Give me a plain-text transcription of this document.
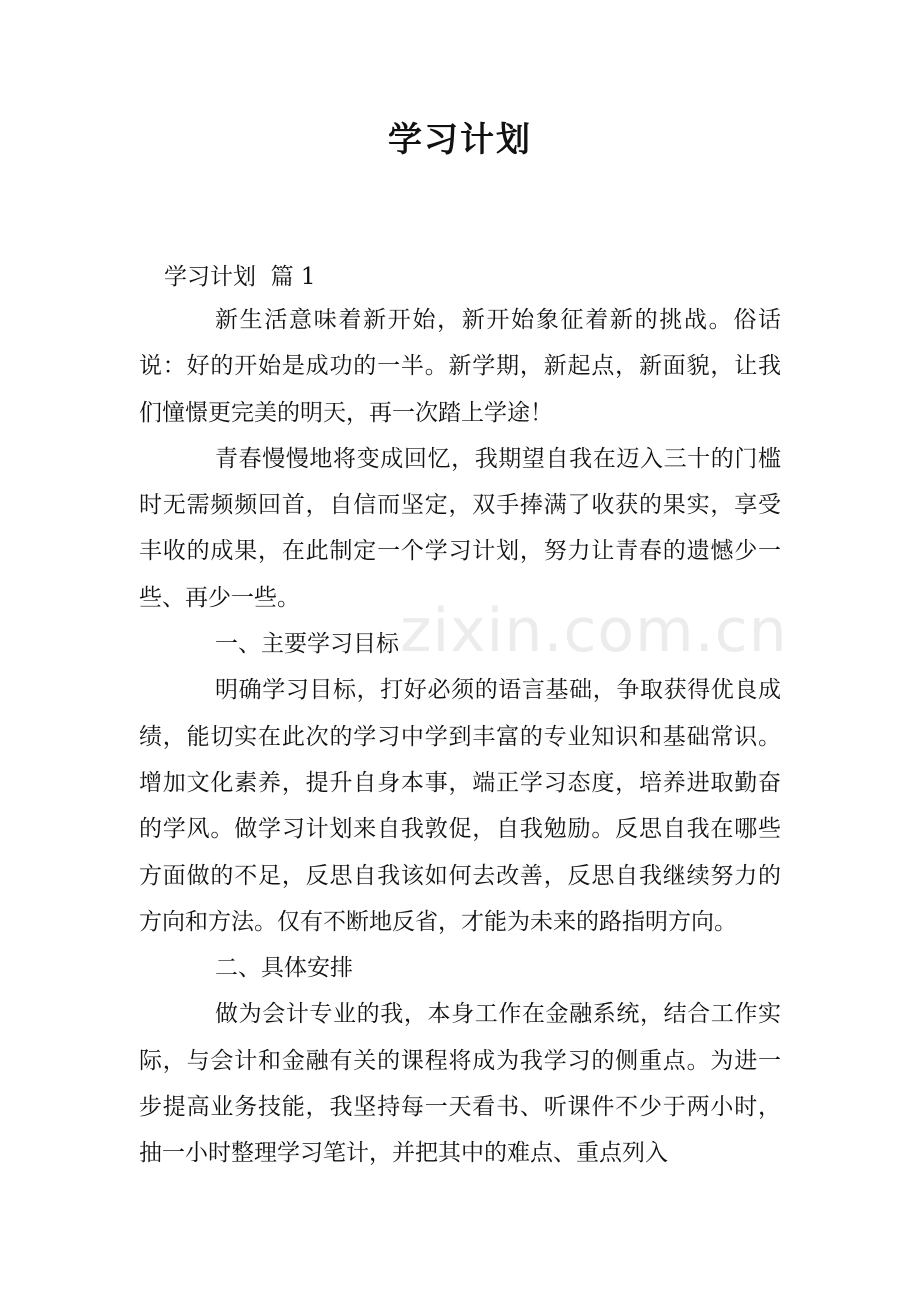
学习计划

学习计划  篇 1

新生活意味着新开始，新开始象征着新的挑战。俗话说：好的开始是成功的一半。新学期，新起点，新面貌，让我们憧憬更完美的明天，再一次踏上学途！

青春慢慢地将变成回忆，我期望自我在迈入三十的门槛时无需频频回首，自信而坚定，双手捧满了收获的果实，享受丰收的成果，在此制定一个学习计划，努力让青春的遗憾少一些、再少一些。

一、主要学习目标

明确学习目标，打好必须的语言基础，争取获得优良成绩，能切实在此次的学习中学到丰富的专业知识和基础常识。增加文化素养，提升自身本事，端正学习态度，培养进取勤奋的学风。做学习计划来自我敦促，自我勉励。反思自我在哪些方面做的不足，反思自我该如何去改善，反思自我继续努力的方向和方法。仅有不断地反省，才能为未来的路指明方向。

二、具体安排

做为会计专业的我，本身工作在金融系统，结合工作实际，与会计和金融有关的课程将成为我学习的侧重点。为进一步提高业务技能，我坚持每一天看书、听课件不少于两小时，抽一小时整理学习笔计，并把其中的难点、重点列入

zixin.com.cn
